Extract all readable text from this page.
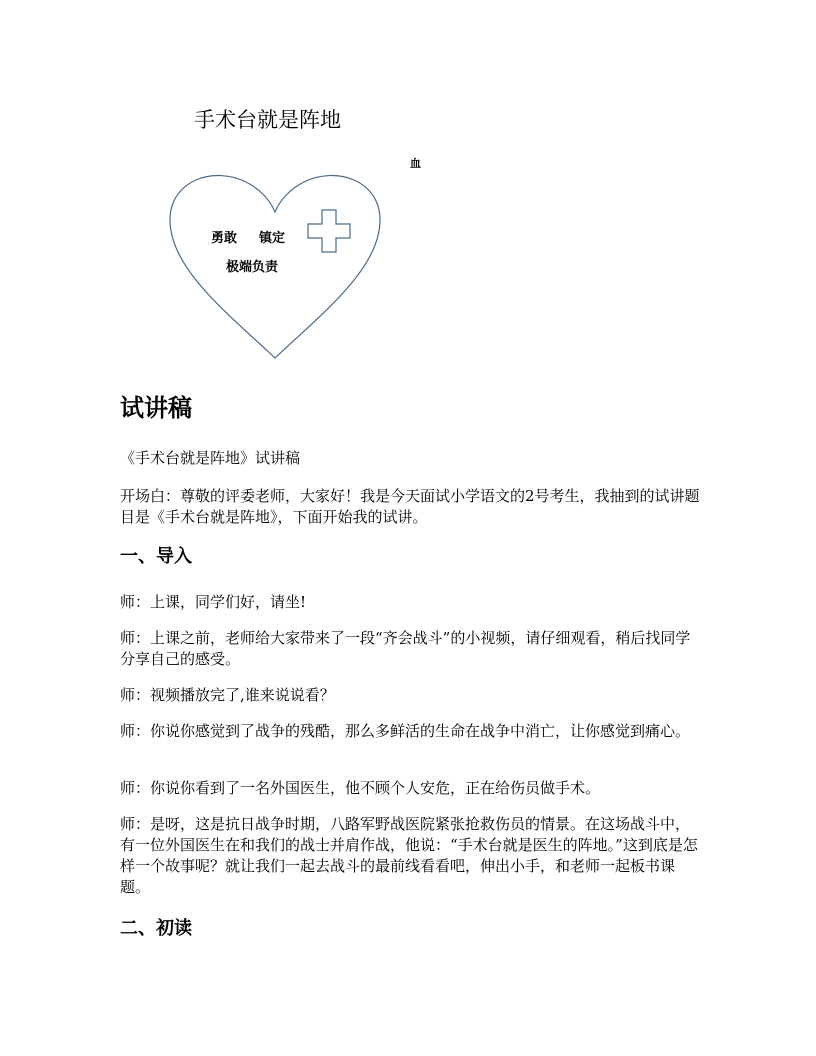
手术台就是阵地
血
勇敢 镇定
极端负责
试讲稿

《手术台就是阵地》试讲稿

开场白：尊敬的评委老师，大家好！我是今天面试小学语文的2号考生，我抽到的试讲题目是《手术台就是阵地》，下面开始我的试讲。

一、导入

师：上课，同学们好，请坐!

师：上课之前，老师给大家带来了一段“齐会战斗”的小视频，请仔细观看，稍后找同学分享自己的感受。

师：视频播放完了,谁来说说看？

师：你说你感觉到了战争的残酷，那么多鲜活的生命在战争中消亡，让你感觉到痛心。

师：你说你看到了一名外国医生，他不顾个人安危，正在给伤员做手术。

师：是呀，这是抗日战争时期，八路军野战医院紧张抢救伤员的情景。在这场战斗中，有一位外国医生在和我们的战士并肩作战，他说：“手术台就是医生的阵地。”这到底是怎样一个故事呢？就让我们一起去战斗的最前线看看吧，伸出小手，和老师一起板书课题。

二、初读
